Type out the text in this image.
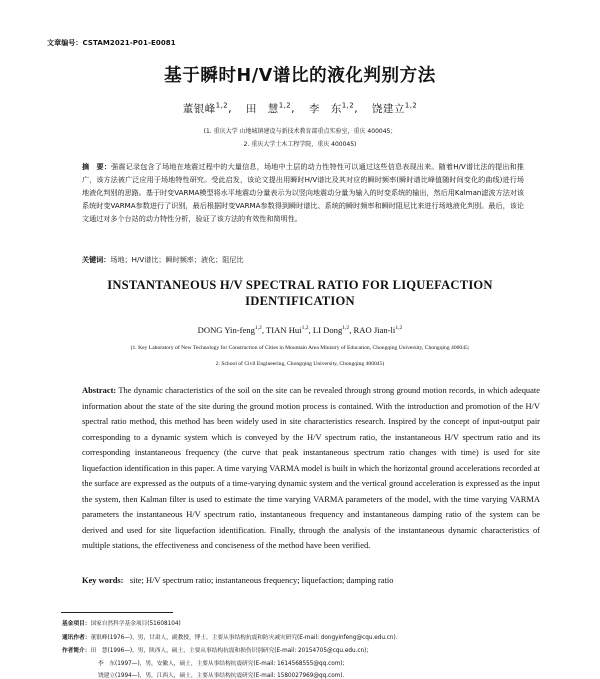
文章编号：CSTAM2021-P01-E0081
基于瞬时H/V谱比的液化判别方法
董银峰$^{1,2}$, 田　慧$^{1,2}$, 李　东$^{1,2}$, 饶建立$^{1,2}$
(1. 重庆大学 山地城镇建设与新技术教育部重点实验室，重庆 400045；
2. 重庆大学土木工程学院，重庆 400045)
摘　要：强震记录包含了场地在地震过程中的大量信息，场地中土层的动力性特性可以通过这些信息表现出来。随着H/V谱比法的提出和推广，该方法被广泛应用于场地特性研究。受此启发，该论文提出用瞬时H/V谱比及其对应的瞬时频率(瞬时谱比峰值随时间变化的曲线)进行场地液化判别的思路。基于时变VARMA模型将水平地震动分量表示为以竖向地震动分量为输入的时变系统的输出，然后用Kalman滤波方法对该系统时变VARMA参数进行了识别，最后根据时变VARMA参数得到瞬时谱比、系统的瞬时频率和瞬时阻尼比来进行场地液化判别。最后，该论文通过对多个台站的动力特性分析，验证了该方法的有效性和简明性。
关键词：场地；H/V谱比；瞬时频率；液化；阻尼比
INSTANTANEOUS H/V SPECTRAL RATIO FOR LIQUEFACTION
IDENTIFICATION
DONG Yin-feng$^{1,2}$, TIAN Hui$^{1,2}$, LI Dong$^{1,2}$, RAO Jian-li$^{1,2}$
(1. Key Laboratory of New Technology for Construction of Cities in Mountain Area Ministry of Education, Chongqing University, Chongqing 400045;
2. School of Civil Engineering, Chongqing University, Chongqing 400045)
Abstract: The dynamic characteristics of the soil on the site can be revealed through strong ground motion records, in which adequate information about the state of the site during the ground motion process is contained. With the introduction and promotion of the H/V spectral ratio method, this method has been widely used in site characteristics research. Inspired by the concept of input-output pair corresponding to a dynamic system which is conveyed by the H/V spectrum ratio, the instantaneous H/V spectrum ratio and its corresponding instantaneous frequency (the curve that peak instantaneous spectrum ratio changes with time) is used for site liquefaction identification in this paper. A time varying VARMA model is built in which the horizontal ground accelerations recorded at the surface are expressed as the outputs of a time-varying dynamic system and the vertical ground acceleration is expressed as the input the system, then Kalman filter is used to estimate the time varying VARMA parameters of the model, with the time varying VARMA parameters the instantaneous H/V spectrum ratio, instantaneous frequency and instantaneous damping ratio of the system can be derived and used for site liquefaction identification. Finally, through the analysis of the instantaneous dynamic characteristics of multiple stations, the effectiveness and conciseness of the method have been verified.
Key words: site; H/V spectrum ratio; instantaneous frequency; liquefaction; damping ratio
基金项目：国家自然科学基金项目(51608104)
通讯作者：董银峰(1976—)，男，甘肃人，副教授，博士，主要从事结构抗震和防灾减灾研究(E-mail: dongyinfeng@cqu.edu.cn).
作者简介：田　慧(1996—)，男，陕西人，硕士，主要从事结构抗震和损伤识别研究(E-mail: 20154705@cqu.edu.cn);
李　东(1997—)，男，安徽人，硕士，主要从事结构抗震研究(E-mail: 1614568555@qq.com);
饶建立(1994—)，男，江西人，硕士，主要从事结构抗震研究(E-mail: 1580027969@qq.com).
